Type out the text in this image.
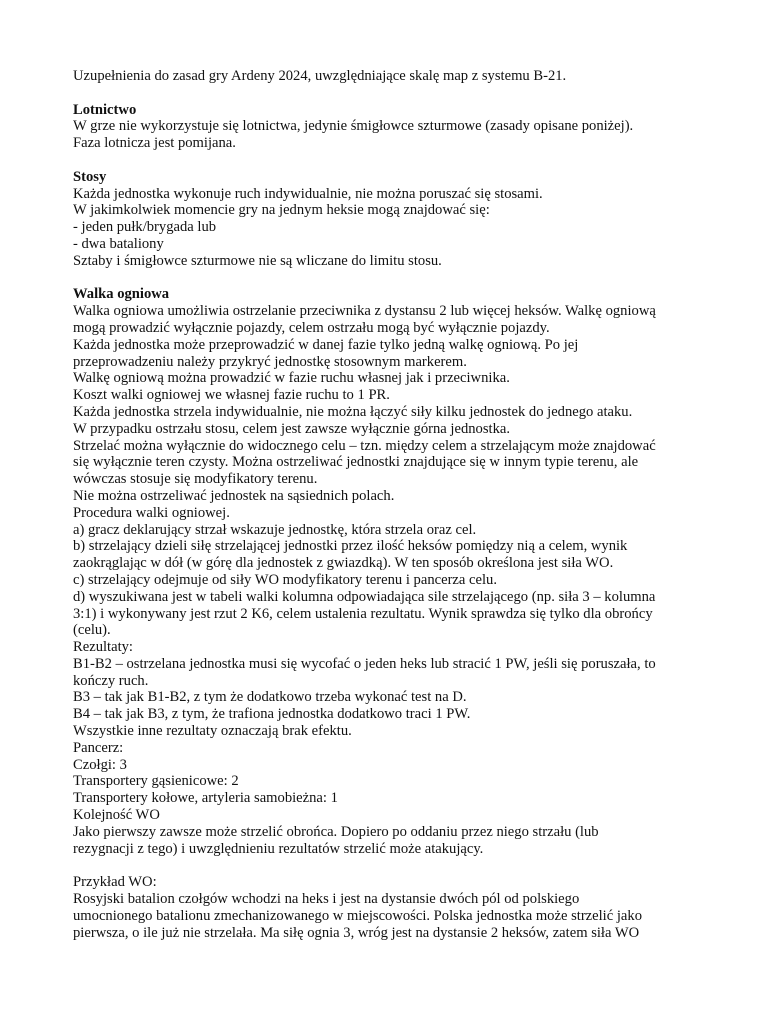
Uzupełnienia do zasad gry Ardeny 2024, uwzględniające skalę map z systemu B-21.
Lotnictwo
W grze nie wykorzystuje się lotnictwa, jedynie śmigłowce szturmowe (zasady opisane poniżej).
Faza lotnicza jest pomijana.
Stosy
Każda jednostka wykonuje ruch indywidualnie, nie można poruszać się stosami.
W jakimkolwiek momencie gry na jednym heksie mogą znajdować się:
- jeden pułk/brygada lub
- dwa bataliony
Sztaby i śmigłowce szturmowe nie są wliczane do limitu stosu.
Walka ogniowa
Walka ogniowa umożliwia ostrzelanie przeciwnika z dystansu 2 lub więcej heksów. Walkę ogniową
mogą prowadzić wyłącznie pojazdy, celem ostrzału mogą być wyłącznie pojazdy.
Każda jednostka może przeprowadzić w danej fazie tylko jedną walkę ogniową. Po jej
przeprowadzeniu należy przykryć jednostkę stosownym markerem.
Walkę ogniową można prowadzić w fazie ruchu własnej jak i przeciwnika.
Koszt walki ogniowej we własnej fazie ruchu to 1 PR.
Każda jednostka strzela indywidualnie, nie można łączyć siły kilku jednostek do jednego ataku.
W przypadku ostrzału stosu, celem jest zawsze wyłącznie górna jednostka.
Strzelać można wyłącznie do widocznego celu – tzn. między celem a strzelającym może znajdować
się wyłącznie teren czysty. Można ostrzeliwać jednostki znajdujące się w innym typie terenu, ale
wówczas stosuje się modyfikatory terenu.
Nie można ostrzeliwać jednostek na sąsiednich polach.
Procedura walki ogniowej.
a) gracz deklarujący strzał wskazuje jednostkę, która strzela oraz cel.
b) strzelający dzieli siłę strzelającej jednostki przez ilość heksów pomiędzy nią a celem, wynik
zaokrąglając w dół (w górę dla jednostek z gwiazdką). W ten sposób określona jest siła WO.
c) strzelający odejmuje od siły WO modyfikatory terenu i pancerza celu.
d) wyszukiwana jest w tabeli walki kolumna odpowiadająca sile strzelającego (np. siła 3 – kolumna
3:1) i wykonywany jest rzut 2 K6, celem ustalenia rezultatu. Wynik sprawdza się tylko dla obrońcy
(celu).
Rezultaty:
B1-B2 – ostrzelana jednostka musi się wycofać o jeden heks lub stracić 1 PW, jeśli się poruszała, to
kończy ruch.
B3 – tak jak B1-B2, z tym że dodatkowo trzeba wykonać test na D.
B4 – tak jak B3, z tym, że trafiona jednostka dodatkowo traci 1 PW.
Wszystkie inne rezultaty oznaczają brak efektu.
Pancerz:
Czołgi: 3
Transportery gąsienicowe: 2
Transportery kołowe, artyleria samobieżna: 1
Kolejność WO
Jako pierwszy zawsze może strzelić obrońca. Dopiero po oddaniu przez niego strzału (lub
rezygnacji z tego) i uwzględnieniu rezultatów strzelić może atakujący.
Przykład WO:
Rosyjski batalion czołgów wchodzi na heks i jest na dystansie dwóch pól od polskiego
umocnionego batalionu zmechanizowanego w miejscowości. Polska jednostka może strzelić jako
pierwsza, o ile już nie strzelała. Ma siłę ognia 3, wróg jest na dystansie 2 heksów, zatem siła WO
